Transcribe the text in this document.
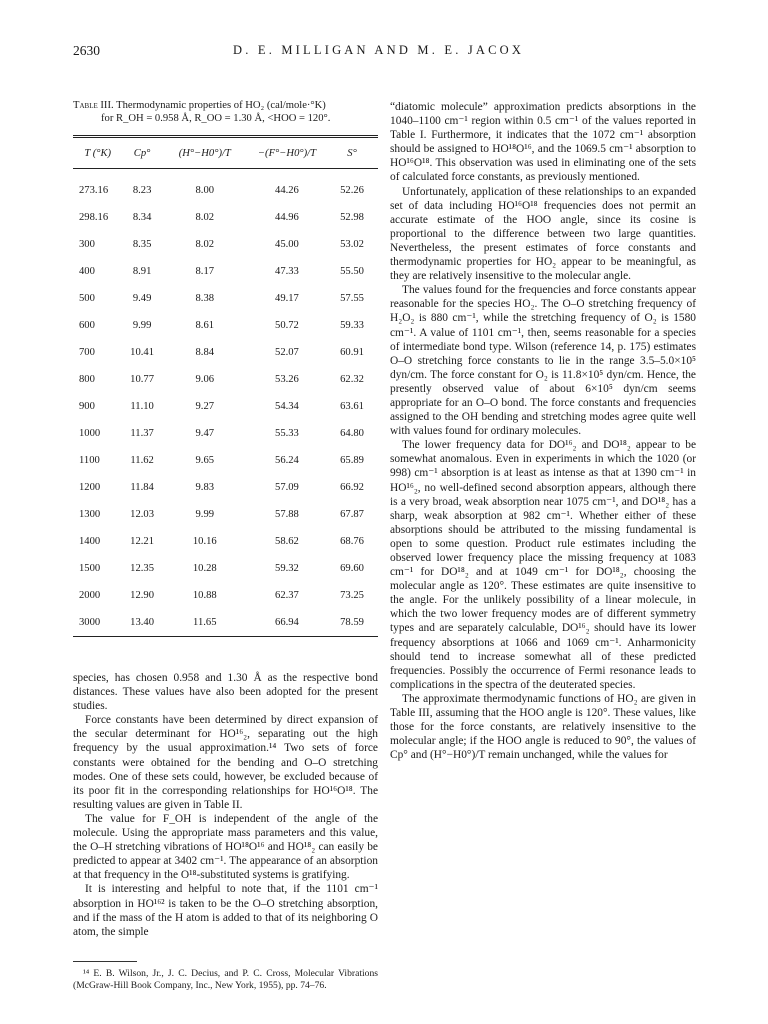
2630	D. E. MILLIGAN AND M. E. JACOX
Table III. Thermodynamic properties of HO₂ (cal/mole·°K)
for R_OH = 0.958 Å, R_OO = 1.30 Å, <HOO = 120°.
T (°K)	Cp°	(H°−H0°)/T	−(F°−H0°)/T	S°
273.16	8.23	8.00	44.26	52.26
298.16	8.34	8.02	44.96	52.98
300	8.35	8.02	45.00	53.02
400	8.91	8.17	47.33	55.50
500	9.49	8.38	49.17	57.55
600	9.99	8.61	50.72	59.33
700	10.41	8.84	52.07	60.91
800	10.77	9.06	53.26	62.32
900	11.10	9.27	54.34	63.61
1000	11.37	9.47	55.33	64.80
1100	11.62	9.65	56.24	65.89
1200	11.84	9.83	57.09	66.92
1300	12.03	9.99	57.88	67.87
1400	12.21	10.16	58.62	68.76
1500	12.35	10.28	59.32	69.60
2000	12.90	10.88	62.37	73.25
3000	13.40	11.65	66.94	78.59

species, has chosen 0.958 and 1.30 Å as the respective bond distances. These values have also been adopted for the present studies.

Force constants have been determined by direct expansion of the secular determinant for HO¹⁶₂, separating out the high frequency by the usual approximation.¹⁴ Two sets of force constants were obtained for the bending and O–O stretching modes. One of these sets could, however, be excluded because of its poor fit in the corresponding relationships for HO¹⁶O¹⁸. The resulting values are given in Table II.

The value for F_OH is independent of the angle of the molecule. Using the appropriate mass parameters and this value, the O–H stretching vibrations of HO¹⁸O¹⁶ and HO¹⁸₂ can easily be predicted to appear at 3402 cm⁻¹. The appearance of an absorption at that frequency in the O¹⁸-substituted systems is gratifying.

It is interesting and helpful to note that, if the 1101 cm⁻¹ absorption in HO¹⁶² is taken to be the O–O stretching absorption, and if the mass of the H atom is added to that of its neighboring O atom, the simple

¹⁴ E. B. Wilson, Jr., J. C. Decius, and P. C. Cross, Molecular Vibrations (McGraw-Hill Book Company, Inc., New York, 1955), pp. 74–76.

“diatomic molecule” approximation predicts absorptions in the 1040–1100 cm⁻¹ region within 0.5 cm⁻¹ of the values reported in Table I. Furthermore, it indicates that the 1072 cm⁻¹ absorption should be assigned to HO¹⁸O¹⁶, and the 1069.5 cm⁻¹ absorption to HO¹⁶O¹⁸. This observation was used in eliminating one of the sets of calculated force constants, as previously mentioned.

Unfortunately, application of these relationships to an expanded set of data including HO¹⁶O¹⁸ frequencies does not permit an accurate estimate of the HOO angle, since its cosine is proportional to the difference between two large quantities. Nevertheless, the present estimates of force constants and thermodynamic properties for HO₂ appear to be meaningful, as they are relatively insensitive to the molecular angle.

The values found for the frequencies and force constants appear reasonable for the species HO₂. The O–O stretching frequency of H₂O₂ is 880 cm⁻¹, while the stretching frequency of O₂ is 1580 cm⁻¹. A value of 1101 cm⁻¹, then, seems reasonable for a species of intermediate bond type. Wilson (reference 14, p. 175) estimates O–O stretching force constants to lie in the range 3.5–5.0×10⁵ dyn/cm. The force constant for O₂ is 11.8×10⁵ dyn/cm. Hence, the presently observed value of about 6×10⁵ dyn/cm seems appropriate for an O–O bond. The force constants and frequencies assigned to the OH bending and stretching modes agree quite well with values found for ordinary molecules.

The lower frequency data for DO¹⁶₂ and DO¹⁸₂ appear to be somewhat anomalous. Even in experiments in which the 1020 (or 998) cm⁻¹ absorption is at least as intense as that at 1390 cm⁻¹ in HO¹⁶₂, no well-defined second absorption appears, although there is a very broad, weak absorption near 1075 cm⁻¹, and DO¹⁸₂ has a sharp, weak absorption at 982 cm⁻¹. Whether either of these absorptions should be attributed to the missing fundamental is open to some question. Product rule estimates including the observed lower frequency place the missing frequency at 1083 cm⁻¹ for DO¹⁸₂ and at 1049 cm⁻¹ for DO¹⁸₂, choosing the molecular angle as 120°. These estimates are quite insensitive to the angle. For the unlikely possibility of a linear molecule, in which the two lower frequency modes are of different symmetry types and are separately calculable, DO¹⁶₂ should have its lower frequency absorptions at 1066 and 1069 cm⁻¹. Anharmonicity should tend to increase somewhat all of these predicted frequencies. Possibly the occurrence of Fermi resonance leads to complications in the spectra of the deuterated species.

The approximate thermodynamic functions of HO₂ are given in Table III, assuming that the HOO angle is 120°. These values, like those for the force constants, are relatively insensitive to the molecular angle; if the HOO angle is reduced to 90°, the values of Cp° and (H°−H0°)/T remain unchanged, while the values for
